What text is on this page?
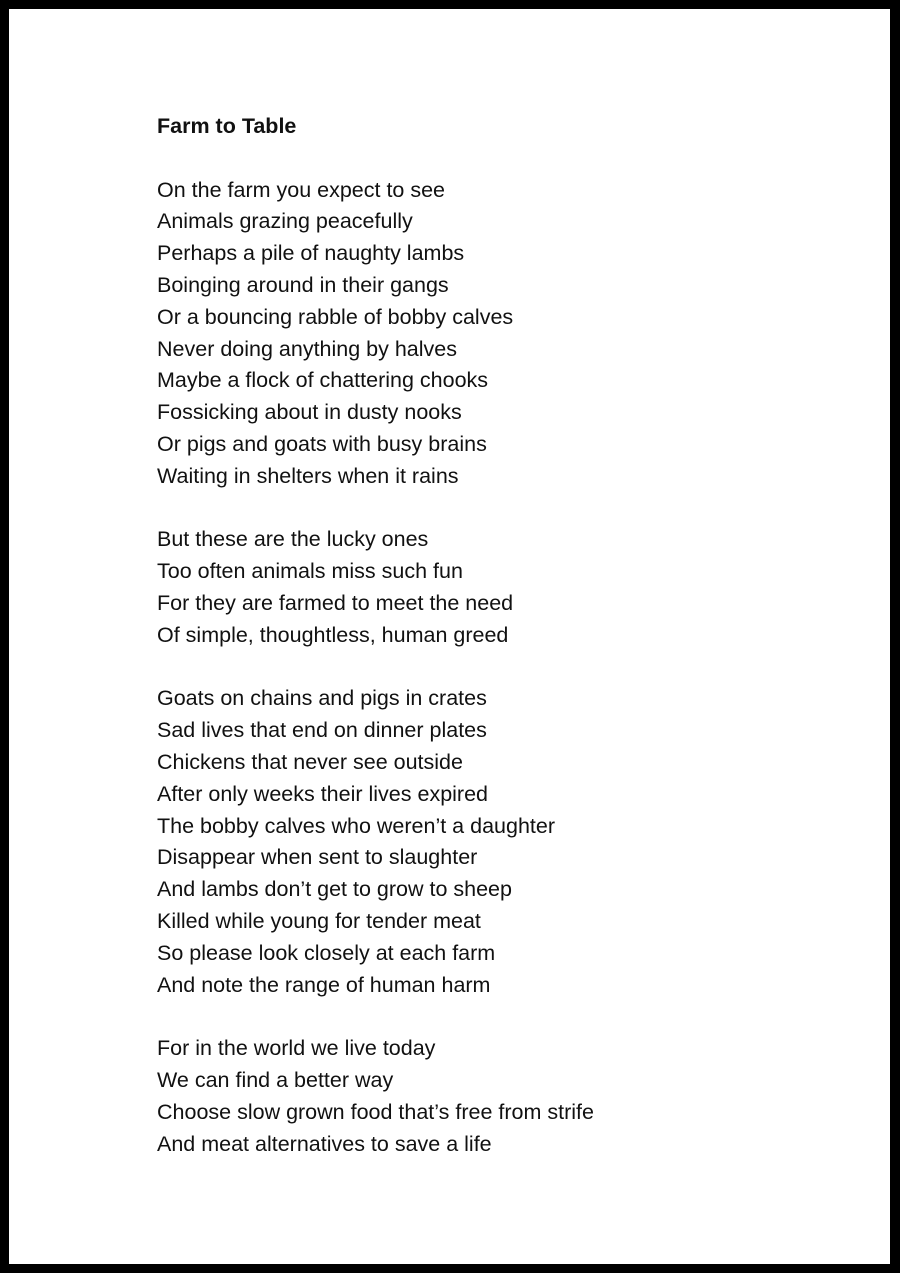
Farm to Table
On the farm you expect to see
Animals grazing peacefully
Perhaps a pile of naughty lambs
Boinging around in their gangs
Or a bouncing rabble of bobby calves
Never doing anything by halves
Maybe a flock of chattering chooks
Fossicking about in dusty nooks
Or pigs and goats with busy brains
Waiting in shelters when it rains
But these are the lucky ones
Too often animals miss such fun
For they are farmed to meet the need
Of simple, thoughtless, human greed
Goats on chains and pigs in crates
Sad lives that end on dinner plates
Chickens that never see outside
After only weeks their lives expired
The bobby calves who weren’t a daughter
Disappear when sent to slaughter
And lambs don’t get to grow to sheep
Killed while young for tender meat
So please look closely at each farm
And note the range of human harm
For in the world we live today
We can find a better way
Choose slow grown food that’s free from strife
And meat alternatives to save a life
